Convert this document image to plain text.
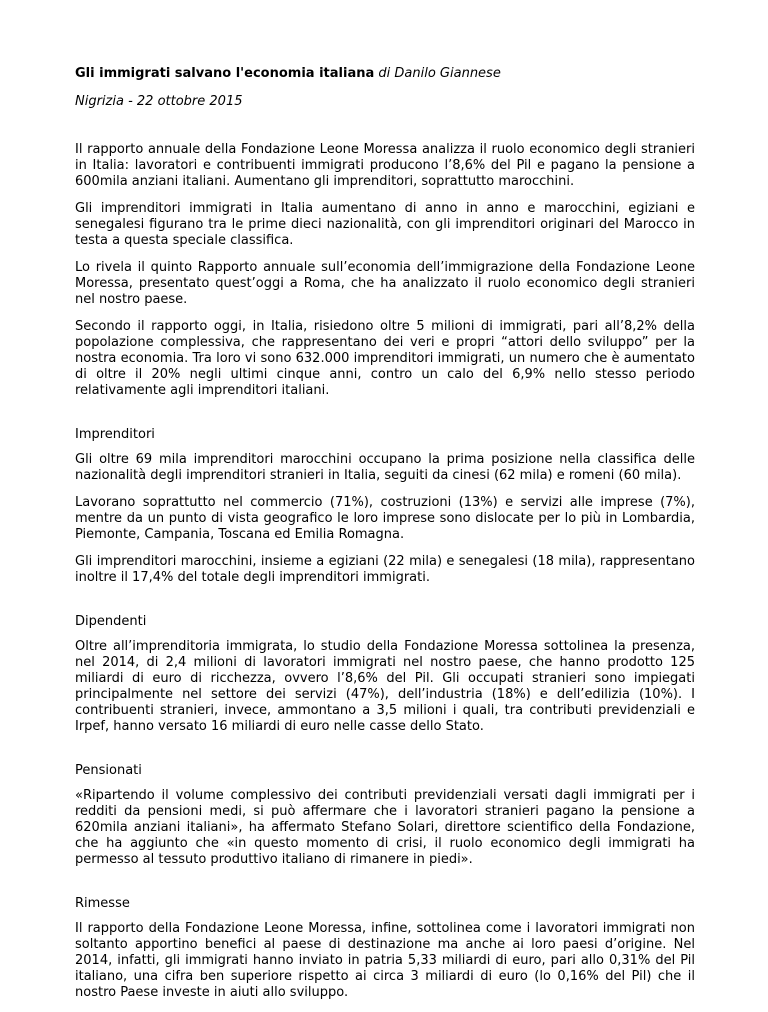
Gli immigrati salvano l'economia italiana di Danilo Giannese
Nigrizia - 22 ottobre 2015

Il rapporto annuale della Fondazione Leone Moressa analizza il ruolo economico degli stranieri in Italia: lavoratori e contribuenti immigrati producono l’8,6% del Pil e pagano la pensione a 600mila anziani italiani. Aumentano gli imprenditori, soprattutto marocchini.

Gli imprenditori immigrati in Italia aumentano di anno in anno e marocchini, egiziani e senegalesi figurano tra le prime dieci nazionalità, con gli imprenditori originari del Marocco in testa a questa speciale classifica.

Lo rivela il quinto Rapporto annuale sull’economia dell’immigrazione della Fondazione Leone Moressa, presentato quest’oggi a Roma, che ha analizzato il ruolo economico degli stranieri nel nostro paese.

Secondo il rapporto oggi, in Italia, risiedono oltre 5 milioni di immigrati, pari all’8,2% della popolazione complessiva, che rappresentano dei veri e propri “attori dello sviluppo” per la nostra economia. Tra loro vi sono 632.000 imprenditori immigrati, un numero che è aumentato di oltre il 20% negli ultimi cinque anni, contro un calo del 6,9% nello stesso periodo relativamente agli imprenditori italiani.

Imprenditori

Gli oltre 69 mila imprenditori marocchini occupano la prima posizione nella classifica delle nazionalità degli imprenditori stranieri in Italia, seguiti da cinesi (62 mila) e romeni (60 mila).

Lavorano soprattutto nel commercio (71%), costruzioni (13%) e servizi alle imprese (7%), mentre da un punto di vista geografico le loro imprese sono dislocate per lo più in Lombardia, Piemonte, Campania, Toscana ed Emilia Romagna.

Gli imprenditori marocchini, insieme a egiziani (22 mila) e senegalesi (18 mila), rappresentano inoltre il 17,4% del totale degli imprenditori immigrati.

Dipendenti

Oltre all’imprenditoria immigrata, lo studio della Fondazione Moressa sottolinea la presenza, nel 2014, di 2,4 milioni di lavoratori immigrati nel nostro paese, che hanno prodotto 125 miliardi di euro di ricchezza, ovvero l’8,6% del Pil. Gli occupati stranieri sono impiegati principalmente nel settore dei servizi (47%), dell’industria (18%) e dell’edilizia (10%). I contribuenti stranieri, invece, ammontano a 3,5 milioni i quali, tra contributi previdenziali e Irpef, hanno versato 16 miliardi di euro nelle casse dello Stato.

Pensionati

«Ripartendo il volume complessivo dei contributi previdenziali versati dagli immigrati per i redditi da pensioni medi, si può affermare che i lavoratori stranieri pagano la pensione a 620mila anziani italiani», ha affermato Stefano Solari, direttore scientifico della Fondazione, che ha aggiunto che «in questo momento di crisi, il ruolo economico degli immigrati ha permesso al tessuto produttivo italiano di rimanere in piedi».

Rimesse

Il rapporto della Fondazione Leone Moressa, infine, sottolinea come i lavoratori immigrati non soltanto apportino benefici al paese di destinazione ma anche ai loro paesi d’origine. Nel 2014, infatti, gli immigrati hanno inviato in patria 5,33 miliardi di euro, pari allo 0,31% del Pil italiano, una cifra ben superiore rispetto ai circa 3 miliardi di euro (lo 0,16% del Pil) che il nostro Paese investe in aiuti allo sviluppo.
